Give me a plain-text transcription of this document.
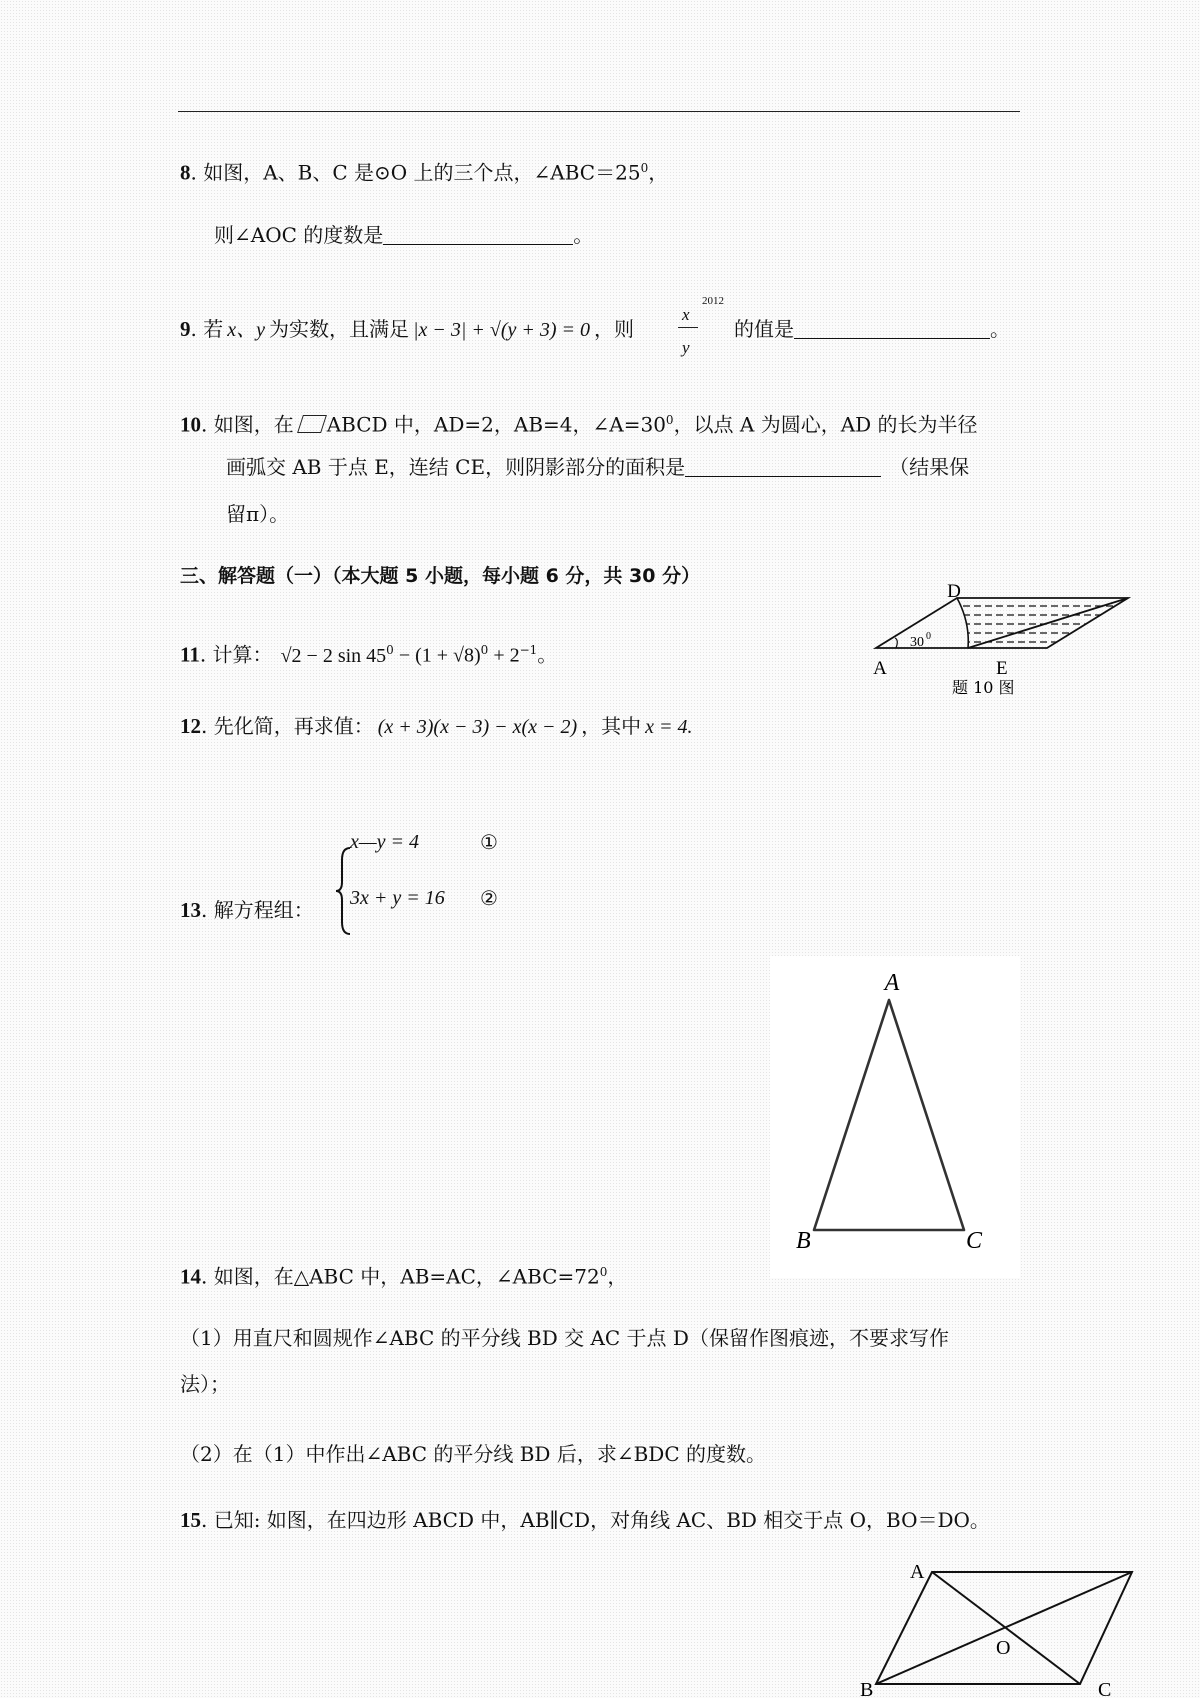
8. 如图，A、B、C 是⊙O 上的三个点，$\angle ABC=25^0$，
则∠AOC 的度数是	。
9. 若 x、y 为实数，且满足 |x − 3| + √(y + 3) = 0 ，则
x
y
2012
的值是	。
10. 如图，在 ABCD 中，AD=2，AB=4，$\angle A=30^0$，以点 A 为圆心，AD 的长为半径
画弧交 AB 于点 E，连结 CE，则阴影部分的面积是	（结果保
留π）。
三、解答题（一）（本大题 5 小题，每小题 6 分，共 30 分）
D
A	E
30 0
题 10 图
11. 计算： √2 − 2 $\sin 45^0 - (1 + √8)^0 + 2^{-1}$。
12. 先化简，再求值： (x + 3)(x − 3) − x(x − 2) ，其中 x = 4.
13. 解方程组：
x—y = 4	①
3x + y = 16 ②
A
B	C
14. 如图，在△ABC 中，AB=AC，$\angle ABC=72^0$，
（1）用直尺和圆规作∠ABC 的平分线 BD 交 AC 于点 D（保留作图痕迹，不要求写作
法）；
（2）在（1）中作出∠ABC 的平分线 BD 后，求∠BDC 的度数。
15. 已知: 如图，在四边形 ABCD 中，AB∥CD，对角线 AC、BD 相交于点 O，BO＝DO。
A
O
B	C
